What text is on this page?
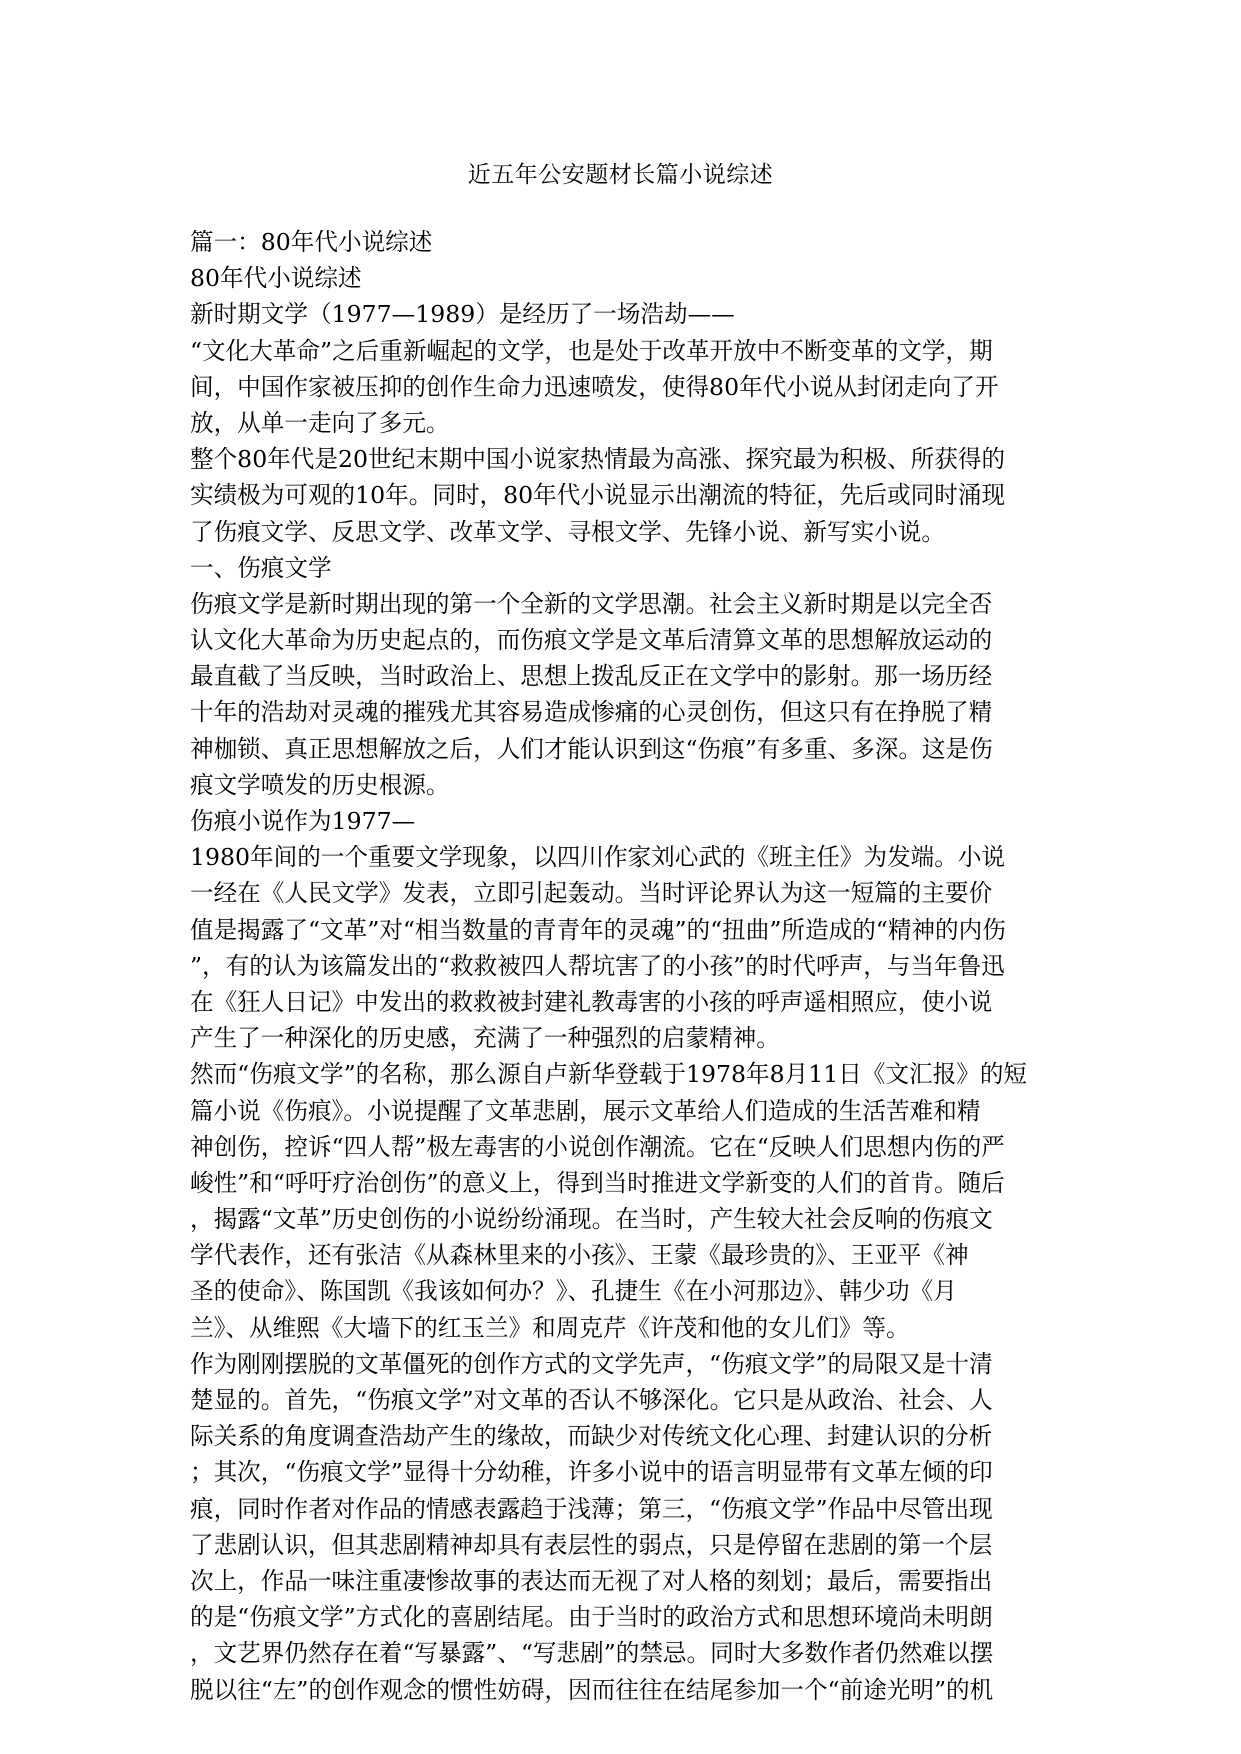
近五年公安题材长篇小说综述
篇一：80年代小说综述
80年代小说综述
新时期文学（1977—1989）是经历了一场浩劫——
“文化大革命”之后重新崛起的文学，也是处于改革开放中不断变革的文学，期
间，中国作家被压抑的创作生命力迅速喷发，使得80年代小说从封闭走向了开
放，从单一走向了多元。
整个80年代是20世纪末期中国小说家热情最为高涨、探究最为积极、所获得的
实绩极为可观的10年。同时，80年代小说显示出潮流的特征，先后或同时涌现
了伤痕文学、反思文学、改革文学、寻根文学、先锋小说、新写实小说。
一、伤痕文学
伤痕文学是新时期出现的第一个全新的文学思潮。社会主义新时期是以完全否
认文化大革命为历史起点的，而伤痕文学是文革后清算文革的思想解放运动的
最直截了当反映，当时政治上、思想上拨乱反正在文学中的影射。那一场历经
十年的浩劫对灵魂的摧残尤其容易造成惨痛的心灵创伤，但这只有在挣脱了精
神枷锁、真正思想解放之后，人们才能认识到这“伤痕”有多重、多深。这是伤
痕文学喷发的历史根源。
伤痕小说作为1977—
1980年间的一个重要文学现象，以四川作家刘心武的《班主任》为发端。小说
一经在《人民文学》发表，立即引起轰动。当时评论界认为这一短篇的主要价
值是揭露了“文革”对“相当数量的青青年的灵魂”的“扭曲”所造成的“精神的内伤
”，有的认为该篇发出的“救救被四人帮坑害了的小孩”的时代呼声，与当年鲁迅
在《狂人日记》中发出的救救被封建礼教毒害的小孩的呼声遥相照应，使小说
产生了一种深化的历史感，充满了一种强烈的启蒙精神。
然而“伤痕文学”的名称，那么源自卢新华登载于1978年8月11日《文汇报》的短
篇小说《伤痕》。小说提醒了文革悲剧，展示文革给人们造成的生活苦难和精
神创伤，控诉“四人帮”极左毒害的小说创作潮流。它在“反映人们思想内伤的严
峻性”和“呼吁疗治创伤”的意义上，得到当时推进文学新变的人们的首肯。随后
，揭露“文革”历史创伤的小说纷纷涌现。在当时，产生较大社会反响的伤痕文
学代表作，还有张洁《从森林里来的小孩》、王蒙《最珍贵的》、王亚平《神
圣的使命》、陈国凯《我该如何办？》、孔捷生《在小河那边》、韩少功《月
兰》、从维熙《大墙下的红玉兰》和周克芹《许茂和他的女儿们》等。
作为刚刚摆脱的文革僵死的创作方式的文学先声，“伤痕文学”的局限又是十清
楚显的。首先，“伤痕文学”对文革的否认不够深化。它只是从政治、社会、人
际关系的角度调查浩劫产生的缘故，而缺少对传统文化心理、封建认识的分析
；其次，“伤痕文学”显得十分幼稚，许多小说中的语言明显带有文革左倾的印
痕，同时作者对作品的情感表露趋于浅薄；第三，“伤痕文学”作品中尽管出现
了悲剧认识，但其悲剧精神却具有表层性的弱点，只是停留在悲剧的第一个层
次上，作品一味注重凄惨故事的表达而无视了对人格的刻划；最后，需要指出
的是“伤痕文学”方式化的喜剧结尾。由于当时的政治方式和思想环境尚未明朗
，文艺界仍然存在着“写暴露”、“写悲剧”的禁忌。同时大多数作者仍然难以摆
脱以往“左”的创作观念的惯性妨碍，因而往往在结尾参加一个“前途光明”的机
